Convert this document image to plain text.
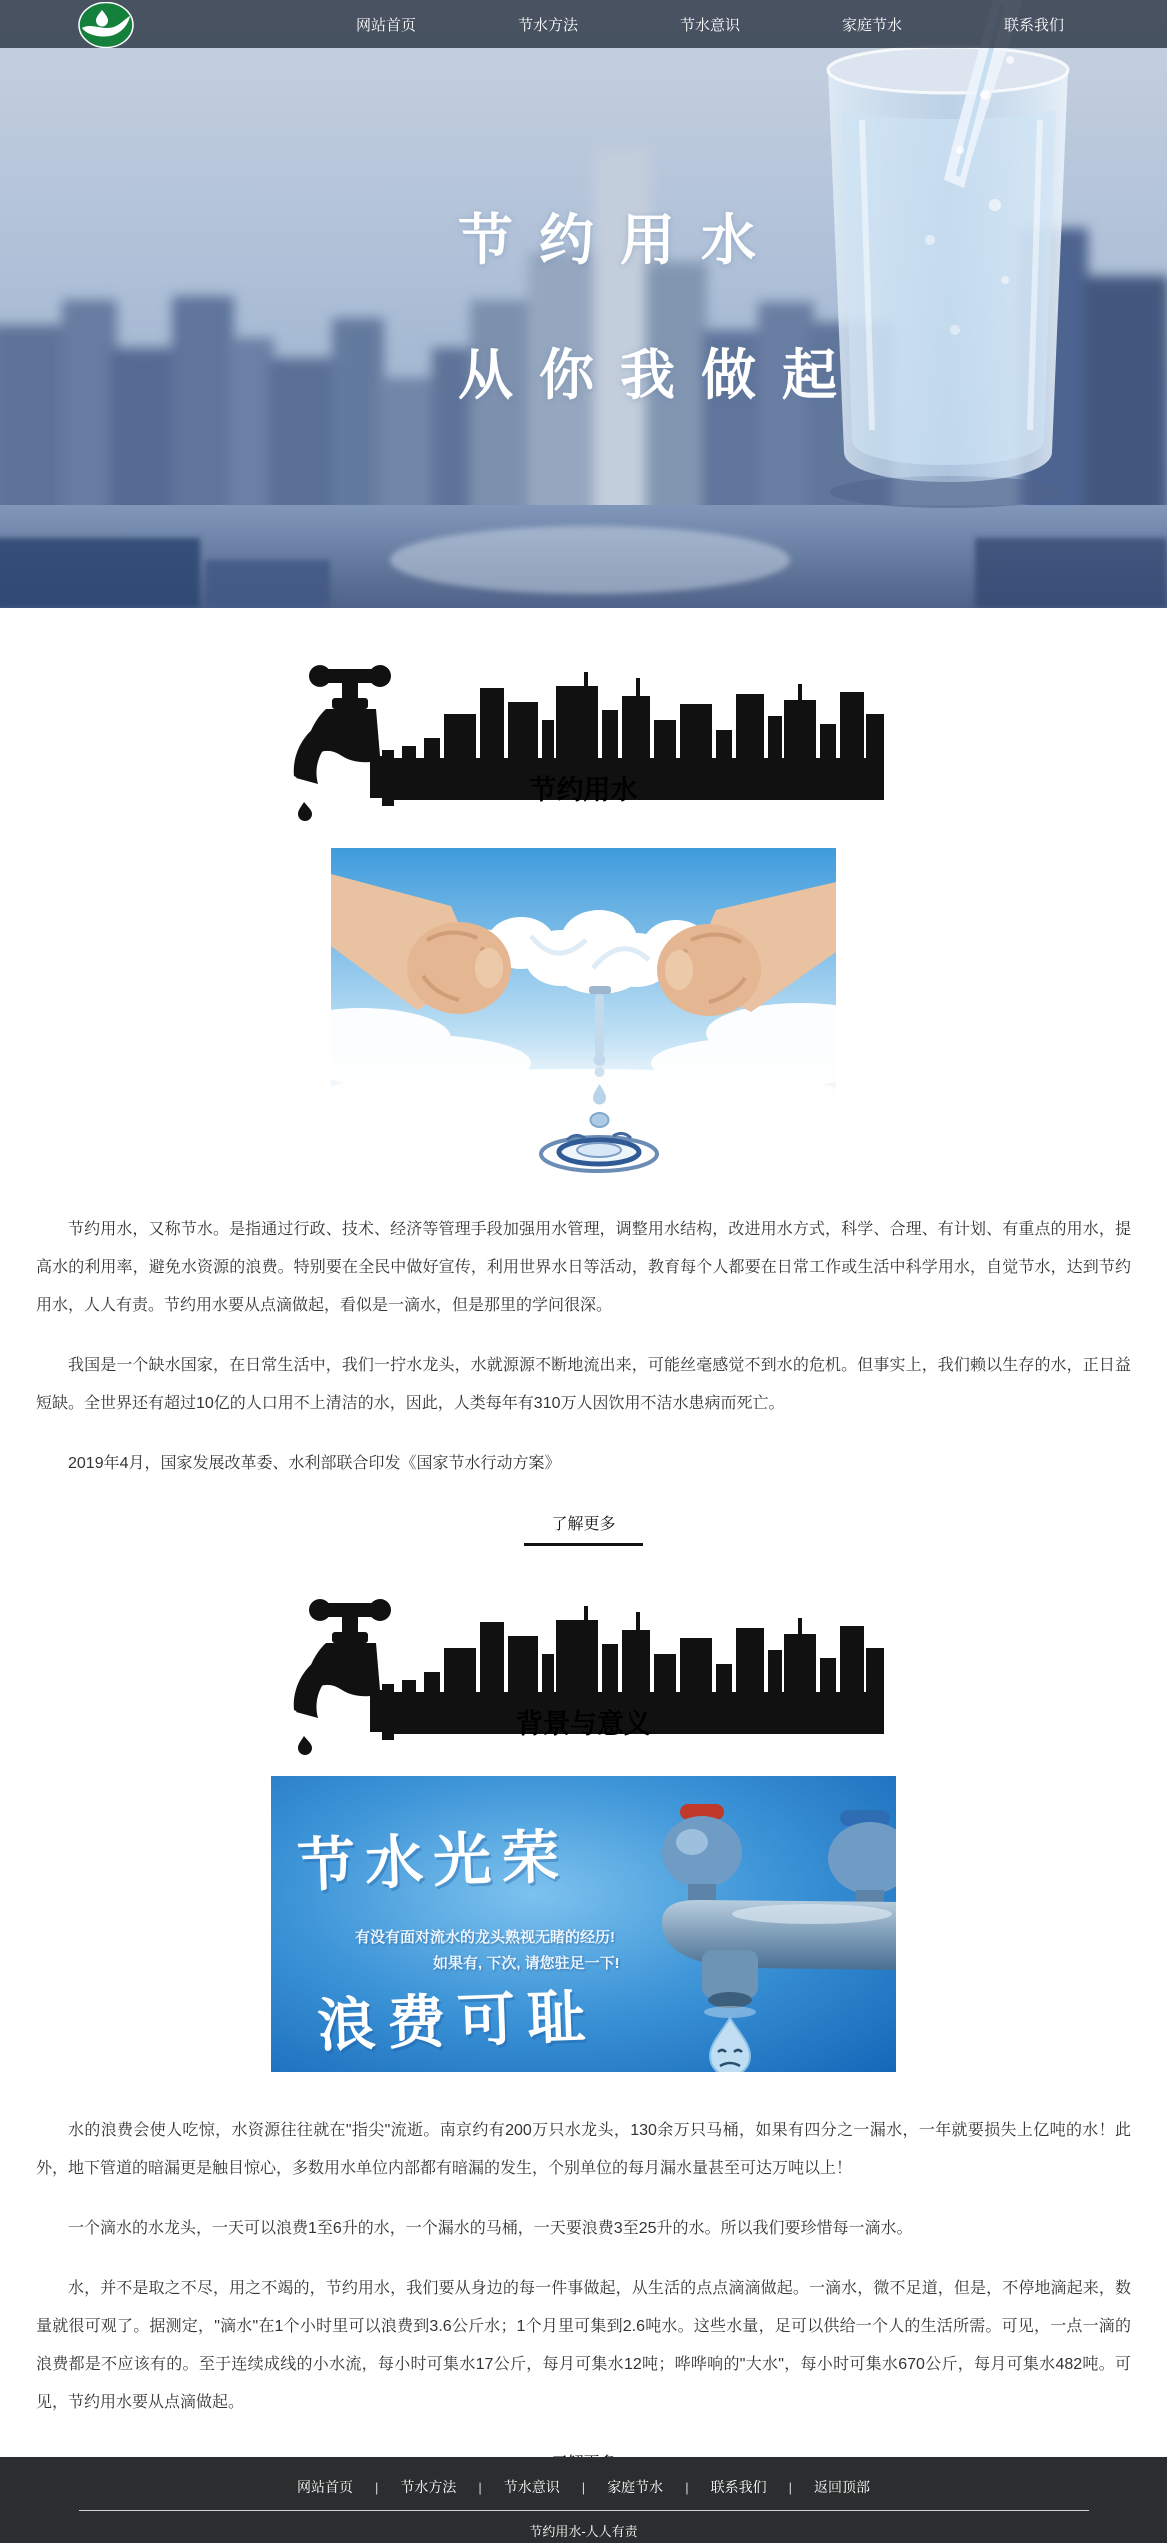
节约用水
从你我做起
网站首页	节水方法	节水意识	家庭节水	联系我们
节约用水

节约用水，又称节水。是指通过行政、技术、经济等管理手段加强用水管理，调整用水结构，改进用水方式，科学、合理、有计划、有重点的用水，提高水的利用率，避免水资源的浪费。特别要在全民中做好宣传，利用世界水日等活动，教育每个人都要在日常工作或生活中科学用水，自觉节水，达到节约用水，人人有责。节约用水要从点滴做起，看似是一滴水，但是那里的学问很深。

我国是一个缺水国家，在日常生活中，我们一拧水龙头，水就源源不断地流出来，可能丝毫感觉不到水的危机。但事实上，我们赖以生存的水，正日益短缺。全世界还有超过10亿的人口用不上清洁的水，因此，人类每年有310万人因饮用不洁水患病而死亡。

2019年4月，国家发展改革委、水利部联合印发《国家节水行动方案》

了解更多
背景与意义
节水光荣
有没有面对流水的龙头熟视无睹的经历!
如果有, 下次, 请您驻足一下!
浪费可耻

水的浪费会使人吃惊，水资源往往就在"指尖"流逝。南京约有200万只水龙头，130余万只马桶，如果有四分之一漏水，一年就要损失上亿吨的水！此外，地下管道的暗漏更是触目惊心，多数用水单位内部都有暗漏的发生，个别单位的每月漏水量甚至可达万吨以上！

一个滴水的水龙头，一天可以浪费1至6升的水，一个漏水的马桶，一天要浪费3至25升的水。所以我们要珍惜每一滴水。

水，并不是取之不尽，用之不竭的，节约用水，我们要从身边的每一件事做起，从生活的点点滴滴做起。一滴水，微不足道，但是，不停地滴起来，数量就很可观了。据测定，"滴水"在1个小时里可以浪费到3.6公斤水；1个月里可集到2.6吨水。这些水量，足可以供给一个人的生活所需。可见，一点一滴的浪费都是不应该有的。至于连续成线的小水流，每小时可集水17公斤，每月可集水12吨；哗哗响的"大水"，每小时可集水670公斤，每月可集水482吨。可见，节约用水要从点滴做起。

网站首页 | 节水方法 | 节水意识 | 家庭节水 | 联系我们 | 返回顶部
节约用水-人人有责
